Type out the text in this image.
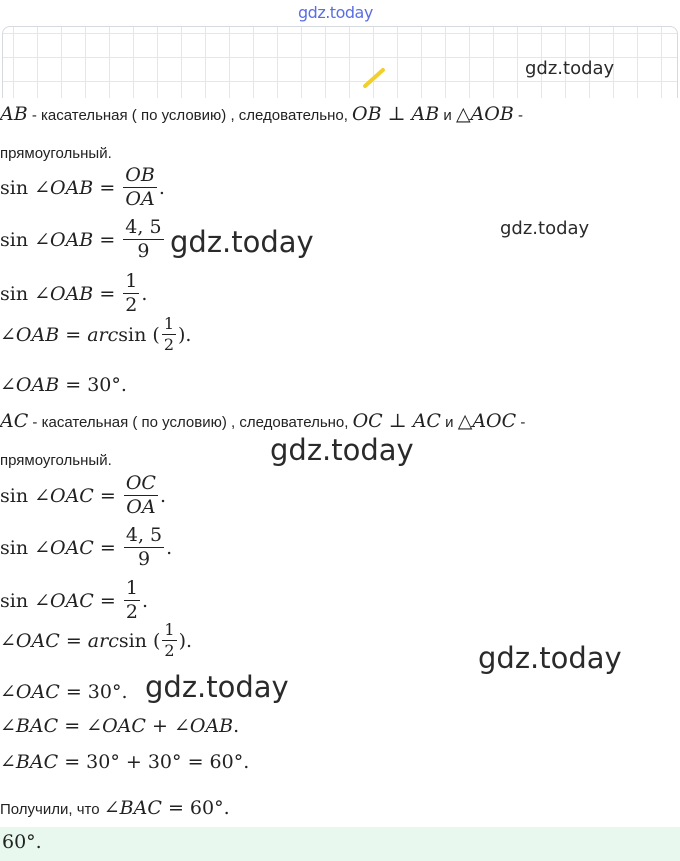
gdz.today
gdz.today
gdz.today
gdz.today
gdz.today
gdz.today
gdz.today
AB - касательная ( по условию) , следовательно, OB
⊥
AB и △ AOB -
прямоугольный.
sin ∠ OAB
=
$\frac{OB}{OA}$ .
sin ∠ OAB
=
$\frac{4, 5}{9}$
sin ∠ OAB
=
$\frac{1}{2}$ .
∠ OAB
=
arc sin
( $\frac{1}{2}$ ).
∠ OAB
=
30° .
AC - касательная ( по условию) , следовательно, OC
⊥
AC и △ AOC -
прямоугольный.
sin ∠ OAC
=
$\frac{OC}{OA}$ .
sin ∠ OAC
=
$\frac{4, 5}{9}$ .
sin ∠ OAC
=
$\frac{1}{2}$ .
∠ OAC
=
arc sin
( $\frac{1}{2}$ ).
∠ OAC
=
30° .
∠ BAC
=
∠ OAC
+
∠ OAB .
∠ BAC
=
30° + 30° = 60°.
Получили, что ∠ BAC
=
60° .
60°.
